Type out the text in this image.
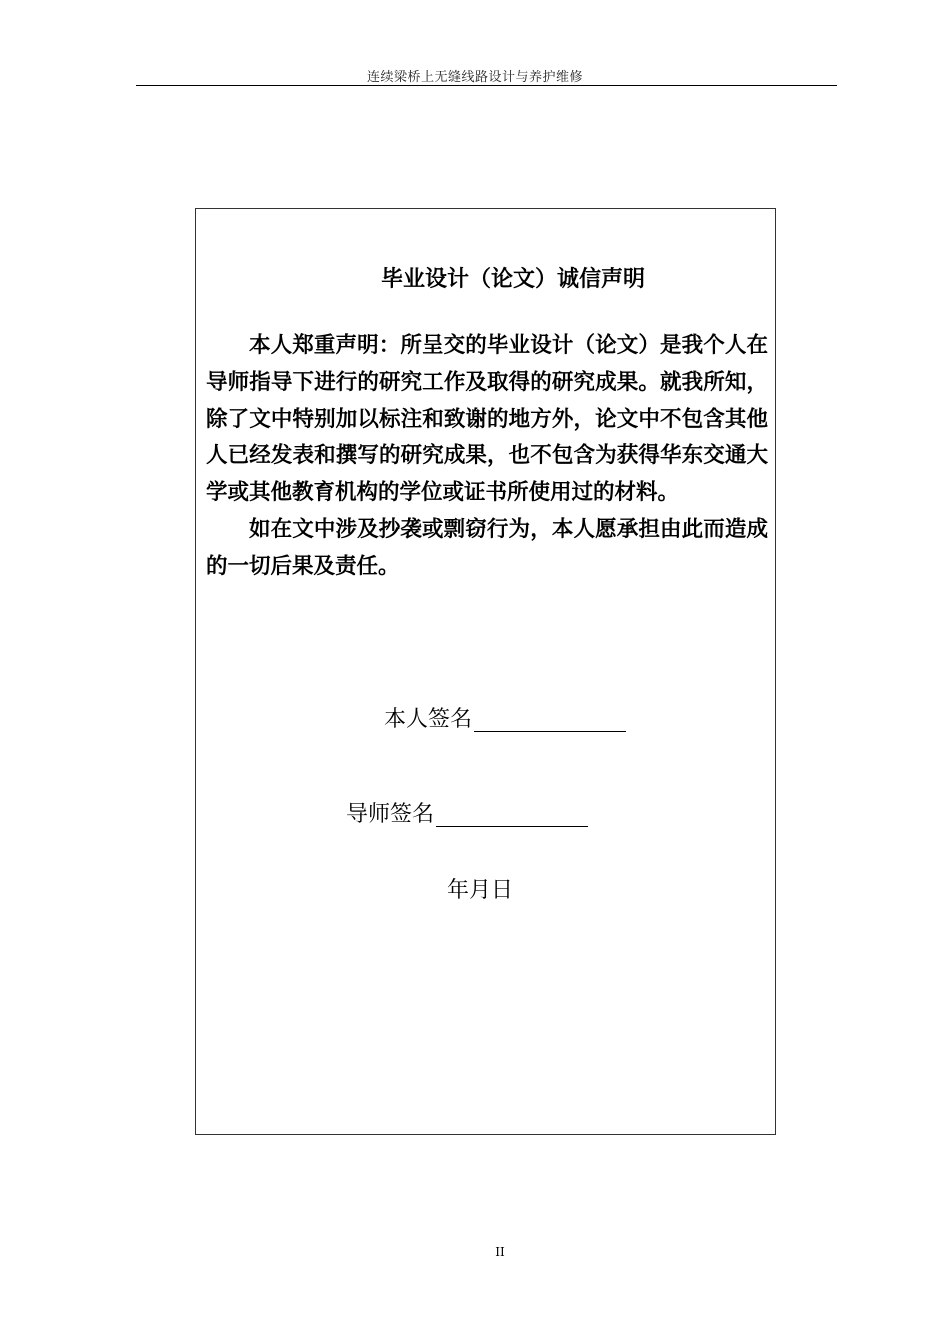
连续梁桥上无缝线路设计与养护维修
毕业设计（论文）诚信声明

本人郑重声明：所呈交的毕业设计（论文）是我个人在导师指导下进行的研究工作及取得的研究成果。就我所知，除了文中特别加以标注和致谢的地方外，论文中不包含其他人已经发表和撰写的研究成果，也不包含为获得华东交通大学或其他教育机构的学位或证书所使用过的材料。

如在文中涉及抄袭或剽窃行为，本人愿承担由此而造成的一切后果及责任。

本人签名
导师签名
年月日
II
